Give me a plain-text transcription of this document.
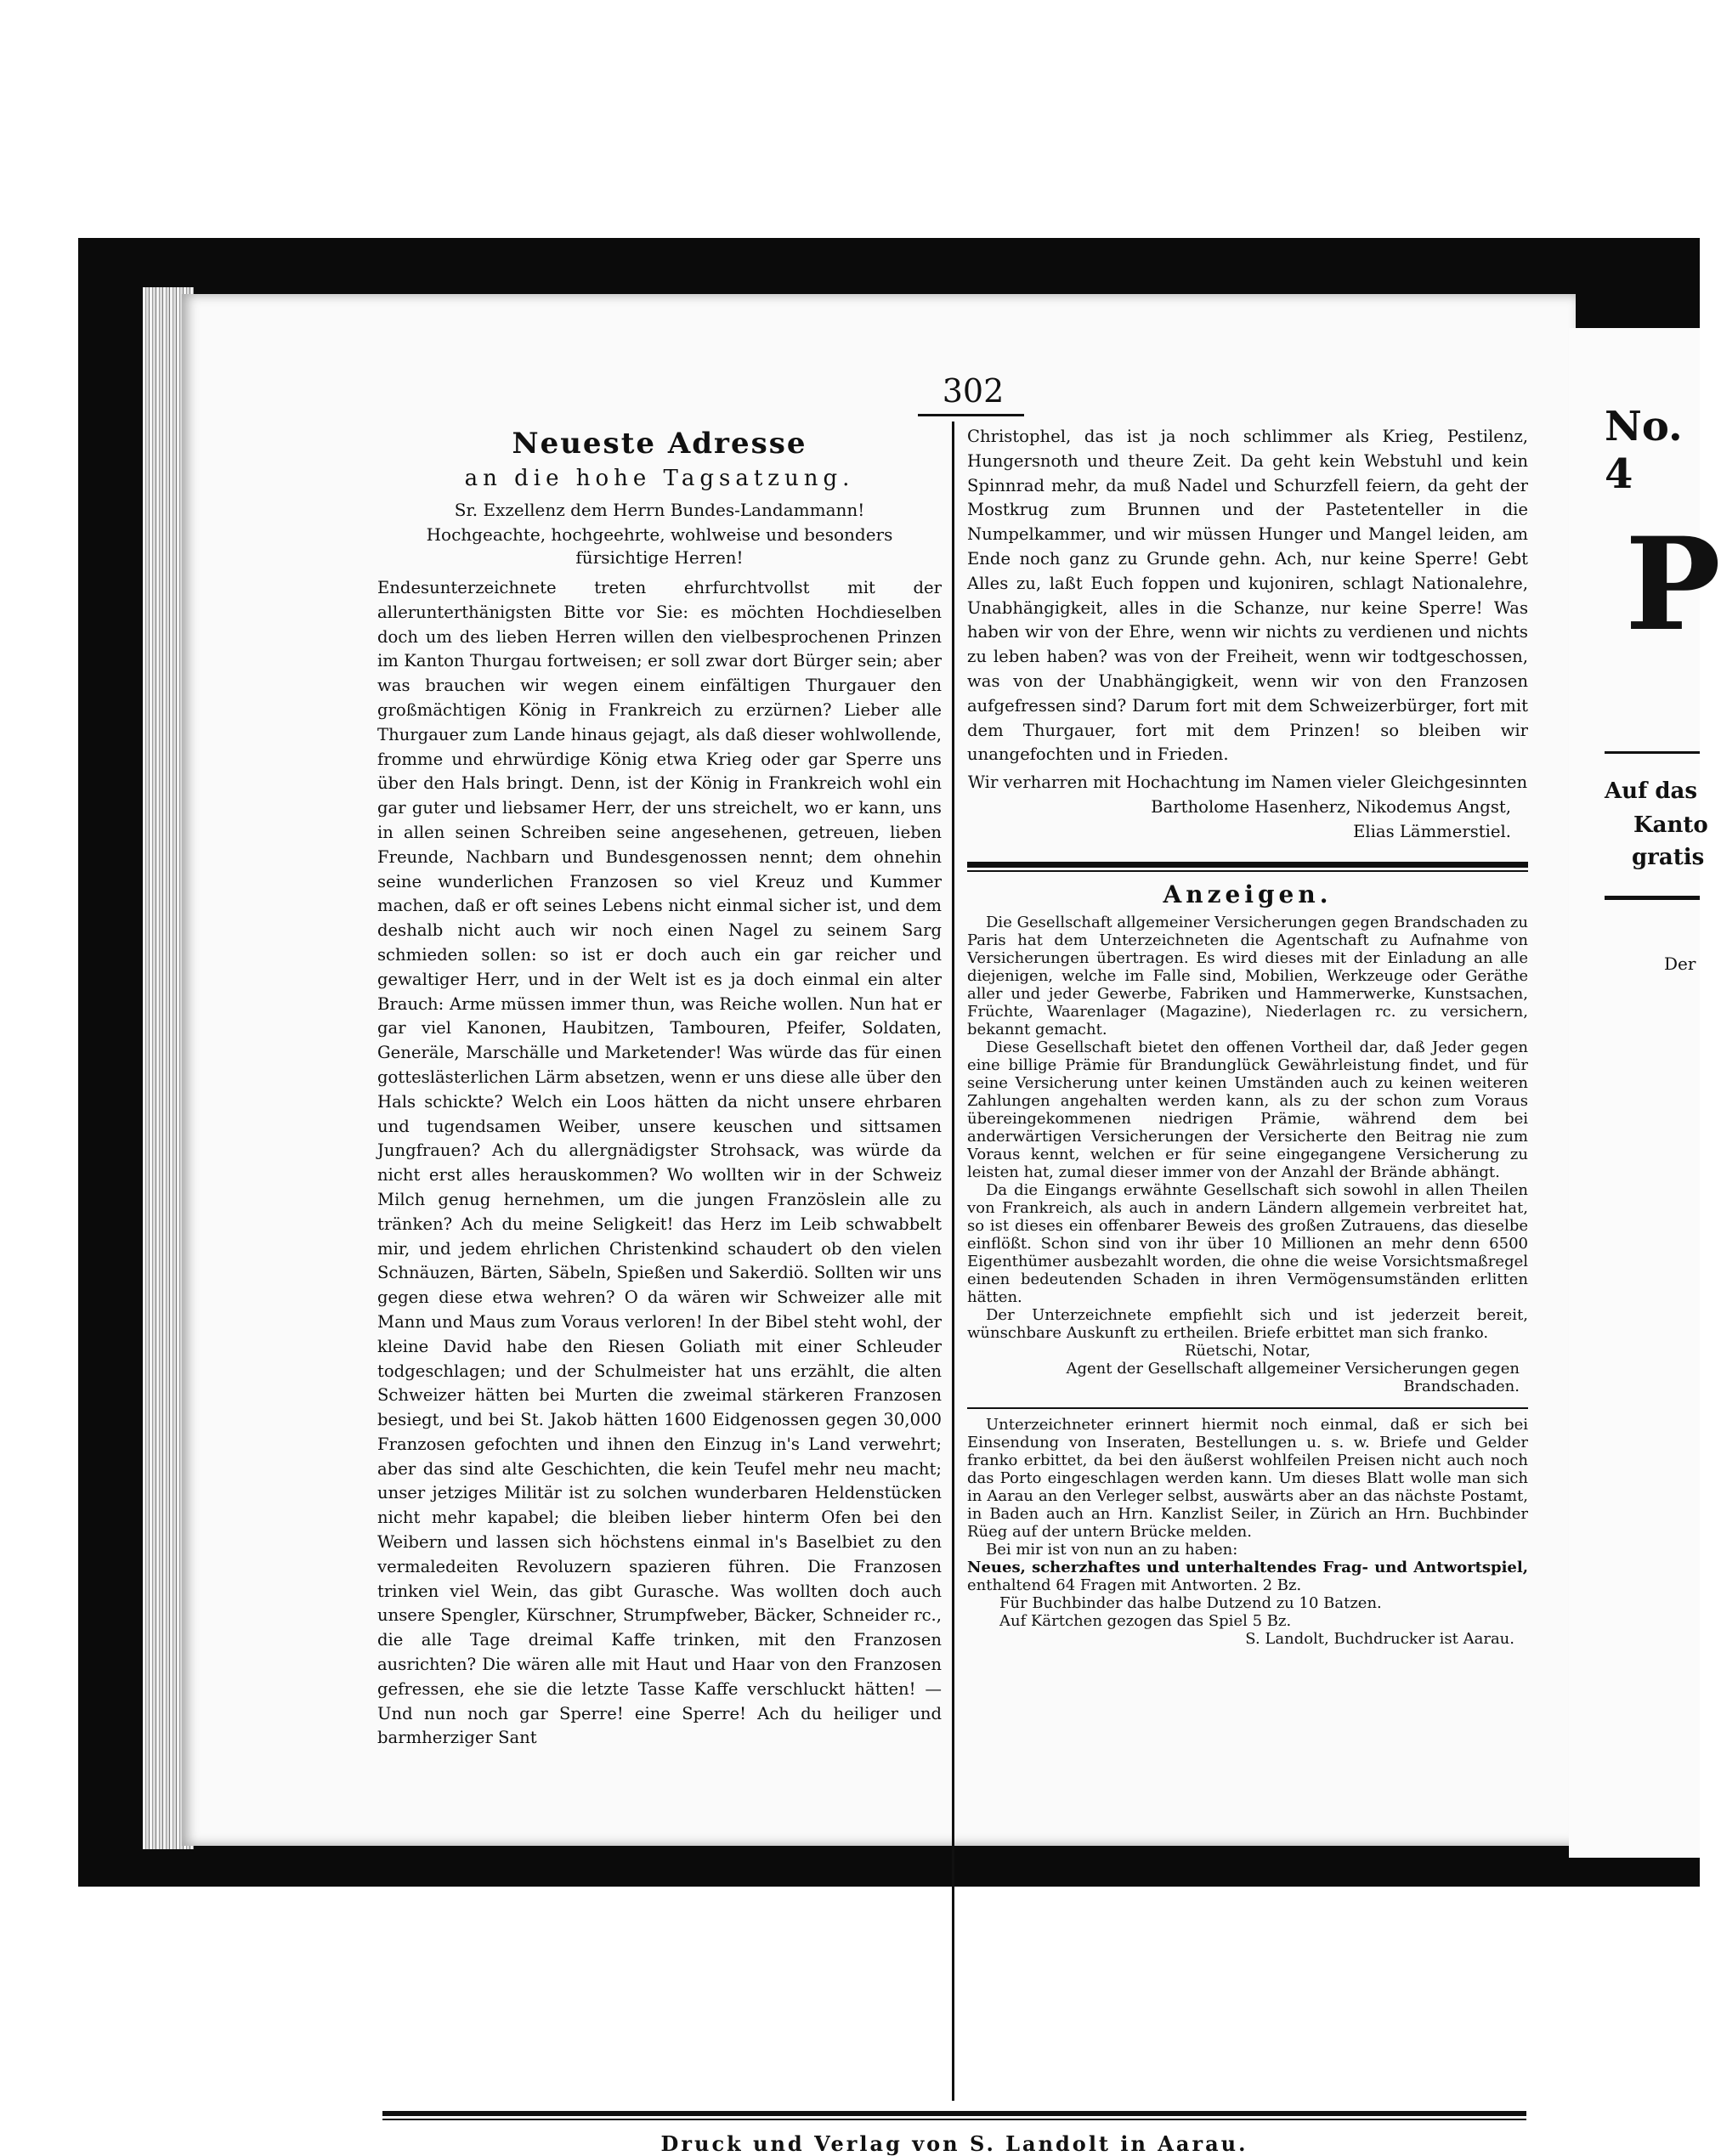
No. 4
P
Auf das
Kanto
gratis
Der
302
Neueste Adresse
an die hohe Tagsatzung.

Sr. Exzellenz dem Herrn Bundes-Landammann!

Hochgeachte, hochgeehrte, wohlweise und besonders fürsichtige Herren!

Endesunterzeichnete treten ehrfurchtvollst mit der allerunterthänigsten Bitte vor Sie: es möchten Hochdieselben doch um des lieben Herren willen den vielbesprochenen Prinzen im Kanton Thurgau fortweisen; er soll zwar dort Bürger sein; aber was brauchen wir wegen einem einfältigen Thurgauer den großmächtigen König in Frankreich zu erzürnen? Lieber alle Thurgauer zum Lande hinaus gejagt, als daß dieser wohlwollende, fromme und ehrwürdige König etwa Krieg oder gar Sperre uns über den Hals bringt. Denn, ist der König in Frankreich wohl ein gar guter und liebsamer Herr, der uns streichelt, wo er kann, uns in allen seinen Schreiben seine angesehenen, getreuen, lieben Freunde, Nachbarn und Bundesgenossen nennt; dem ohnehin seine wunderlichen Franzosen so viel Kreuz und Kummer machen, daß er oft seines Lebens nicht einmal sicher ist, und dem deshalb nicht auch wir noch einen Nagel zu seinem Sarg schmieden sollen: so ist er doch auch ein gar reicher und gewaltiger Herr, und in der Welt ist es ja doch einmal ein alter Brauch: Arme müssen immer thun, was Reiche wollen. Nun hat er gar viel Kanonen, Haubitzen, Tambouren, Pfeifer, Soldaten, Generäle, Marschälle und Marketender! Was würde das für einen gotteslästerlichen Lärm absetzen, wenn er uns diese alle über den Hals schickte? Welch ein Loos hätten da nicht unsere ehrbaren und tugendsamen Weiber, unsere keuschen und sittsamen Jungfrauen? Ach du allergnädigster Strohsack, was würde da nicht erst alles herauskommen? Wo wollten wir in der Schweiz Milch genug hernehmen, um die jungen Französlein alle zu tränken? Ach du meine Seligkeit! das Herz im Leib schwabbelt mir, und jedem ehrlichen Christenkind schaudert ob den vielen Schnäuzen, Bärten, Säbeln, Spießen und Sakerdiö. Sollten wir uns gegen diese etwa wehren? O da wären wir Schweizer alle mit Mann und Maus zum Voraus verloren! In der Bibel steht wohl, der kleine David habe den Riesen Goliath mit einer Schleuder todgeschlagen; und der Schulmeister hat uns erzählt, die alten Schweizer hätten bei Murten die zweimal stärkeren Franzosen besiegt, und bei St. Jakob hätten 1600 Eidgenossen gegen 30,000 Franzosen gefochten und ihnen den Einzug in's Land verwehrt; aber das sind alte Geschichten, die kein Teufel mehr neu macht; unser jetziges Militär ist zu solchen wunderbaren Heldenstücken nicht mehr kapabel; die bleiben lieber hinterm Ofen bei den Weibern und lassen sich höchstens einmal in's Baselbiet zu den vermaledeiten Revoluzern spazieren führen. Die Franzosen trinken viel Wein, das gibt Gurasche. Was wollten doch auch unsere Spengler, Kürschner, Strumpfweber, Bäcker, Schneider rc., die alle Tage dreimal Kaffe trinken, mit den Franzosen ausrichten? Die wären alle mit Haut und Haar von den Franzosen gefressen, ehe sie die letzte Tasse Kaffe verschluckt hätten! — Und nun noch gar Sperre! eine Sperre! Ach du heiliger und barmherziger Sant

Christophel, das ist ja noch schlimmer als Krieg, Pestilenz, Hungersnoth und theure Zeit. Da geht kein Webstuhl und kein Spinnrad mehr, da muß Nadel und Schurzfell feiern, da geht der Mostkrug zum Brunnen und der Pastetenteller in die Numpelkammer, und wir müssen Hunger und Mangel leiden, am Ende noch ganz zu Grunde gehn. Ach, nur keine Sperre! Gebt Alles zu, laßt Euch foppen und kujoniren, schlagt Nationalehre, Unabhängigkeit, alles in die Schanze, nur keine Sperre! Was haben wir von der Ehre, wenn wir nichts zu verdienen und nichts zu leben haben? was von der Freiheit, wenn wir todtgeschossen, was von der Unabhängigkeit, wenn wir von den Franzosen aufgefressen sind? Darum fort mit dem Schweizerbürger, fort mit dem Thurgauer, fort mit dem Prinzen! so bleiben wir unangefochten und in Frieden.

Wir verharren mit Hochachtung im Namen vieler Gleichgesinnten

Bartholome Hasenherz, Nikodemus Angst,

Elias Lämmerstiel.

Anzeigen.

Die Gesellschaft allgemeiner Versicherungen gegen Brandschaden zu Paris hat dem Unterzeichneten die Agentschaft zu Aufnahme von Versicherungen übertragen. Es wird dieses mit der Einladung an alle diejenigen, welche im Falle sind, Mobilien, Werkzeuge oder Geräthe aller und jeder Gewerbe, Fabriken und Hammerwerke, Kunstsachen, Früchte, Waarenlager (Magazine), Niederlagen rc. zu versichern, bekannt gemacht.

Diese Gesellschaft bietet den offenen Vortheil dar, daß Jeder gegen eine billige Prämie für Brandunglück Gewährleistung findet, und für seine Versicherung unter keinen Umständen auch zu keinen weiteren Zahlungen angehalten werden kann, als zu der schon zum Voraus übereingekommenen niedrigen Prämie, während dem bei anderwärtigen Versicherungen der Versicherte den Beitrag nie zum Voraus kennt, welchen er für seine eingegangene Versicherung zu leisten hat, zumal dieser immer von der Anzahl der Brände abhängt.

Da die Eingangs erwähnte Gesellschaft sich sowohl in allen Theilen von Frankreich, als auch in andern Ländern allgemein verbreitet hat, so ist dieses ein offenbarer Beweis des großen Zutrauens, das dieselbe einflößt. Schon sind von ihr über 10 Millionen an mehr denn 6500 Eigenthümer ausbezahlt worden, die ohne die weise Vorsichtsmaßregel einen bedeutenden Schaden in ihren Vermögensumständen erlitten hätten.

Der Unterzeichnete empfiehlt sich und ist jederzeit bereit, wünschbare Auskunft zu ertheilen. Briefe erbittet man sich franko.

Rüetschi, Notar,

Agent der Gesellschaft allgemeiner Versicherungen gegen Brandschaden.

Unterzeichneter erinnert hiermit noch einmal, daß er sich bei Einsendung von Inseraten, Bestellungen u. s. w. Briefe und Gelder franko erbittet, da bei den äußerst wohlfeilen Preisen nicht auch noch das Porto eingeschlagen werden kann. Um dieses Blatt wolle man sich in Aarau an den Verleger selbst, auswärts aber an das nächste Postamt, in Baden auch an Hrn. Kanzlist Seiler, in Zürich an Hrn. Buchbinder Rüeg auf der untern Brücke melden.

Bei mir ist von nun an zu haben:

Neues, scherzhaftes und unterhaltendes Frag- und Antwortspiel, enthaltend 64 Fragen mit Antworten. 2 Bz.

Für Buchbinder das halbe Dutzend zu 10 Batzen.

Auf Kärtchen gezogen das Spiel 5 Bz.

S. Landolt, Buchdrucker ist Aarau.

Druck und Verlag von S. Landolt in Aarau.
